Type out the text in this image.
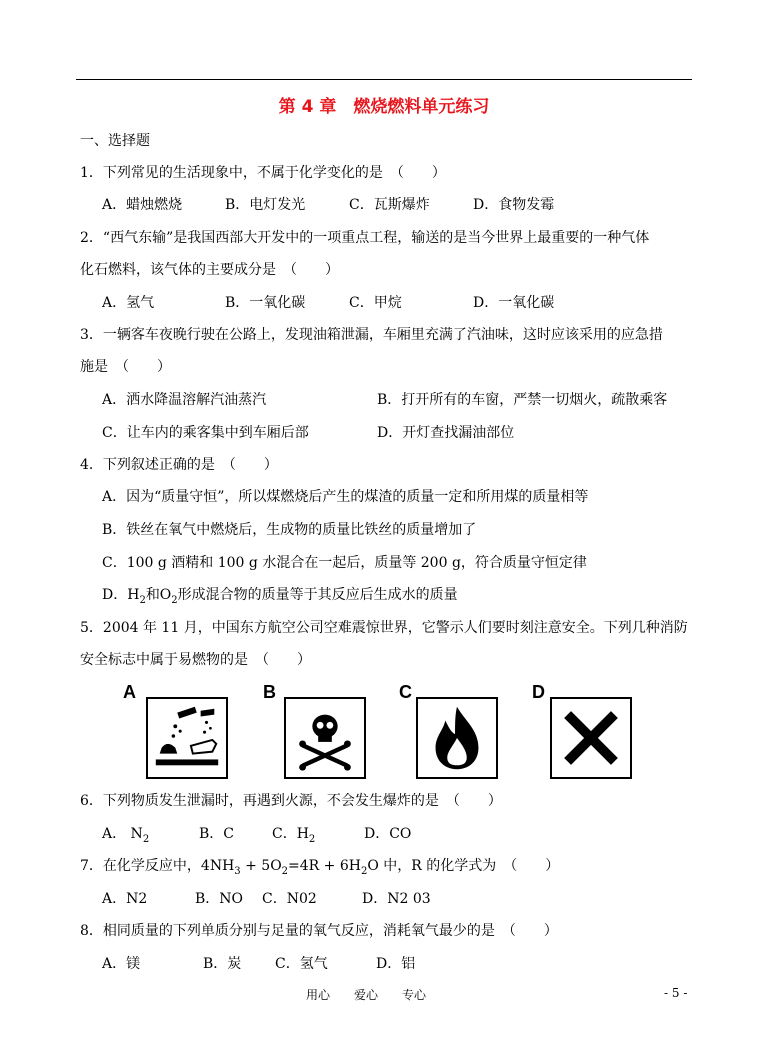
第 4 章　燃烧燃料单元练习
一、选择题
1．下列常见的生活现象中，不属于化学变化的是　（　　）
A．蜡烛燃烧	B．电灯发光	C．瓦斯爆炸	D．食物发霉
2．“西气东输”是我国西部大开发中的一项重点工程，输送的是当今世界上最重要的一种气体
化石燃料，该气体的主要成分是　（　　）
A．氢气	B．一氧化碳	C．甲烷	D．一氧化碳
3．一辆客车夜晚行驶在公路上，发现油箱泄漏，车厢里充满了汽油味，这时应该采用的应急措
施是　（　　）
A．洒水降温溶解汽油蒸汽	B．打开所有的车窗，严禁一切烟火，疏散乘客
C．让车内的乘客集中到车厢后部	D．开灯查找漏油部位
4．下列叙述正确的是　（　　）
A．因为“质量守恒”，所以煤燃烧后产生的煤渣的质量一定和所用煤的质量相等
B．铁丝在氧气中燃烧后，生成物的质量比铁丝的质量增加了
C．100 g 酒精和 100 g 水混合在一起后，质量等 200 g，符合质量守恒定律
D．$H_2$和$O_2$形成混合物的质量等于其反应后生成水的质量
5．2004 年 11 月，中国东方航空公司空难震惊世界，它警示人们要时刻注意安全。下列几种消防
安全标志中属于易燃物的是　（　　）
A	B	C	D
6．下列物质发生泄漏时，再遇到火源，不会发生爆炸的是　（　　）
A． $N_2$	B．C	C．$H_2$	D．CO
7．在化学反应中，$4NH_3 + 5O_2=4R + 6H_2O$ 中，R 的化学式为　（　　）
A．N2	B．NO C．N02	D．N2 03
8．相同质量的下列单质分别与足量的氧气反应，消耗氧气最少的是　（　　）
A．镁	B．炭 C．氢气	D．铝
用心　　爱心　　专心	- 5 -
